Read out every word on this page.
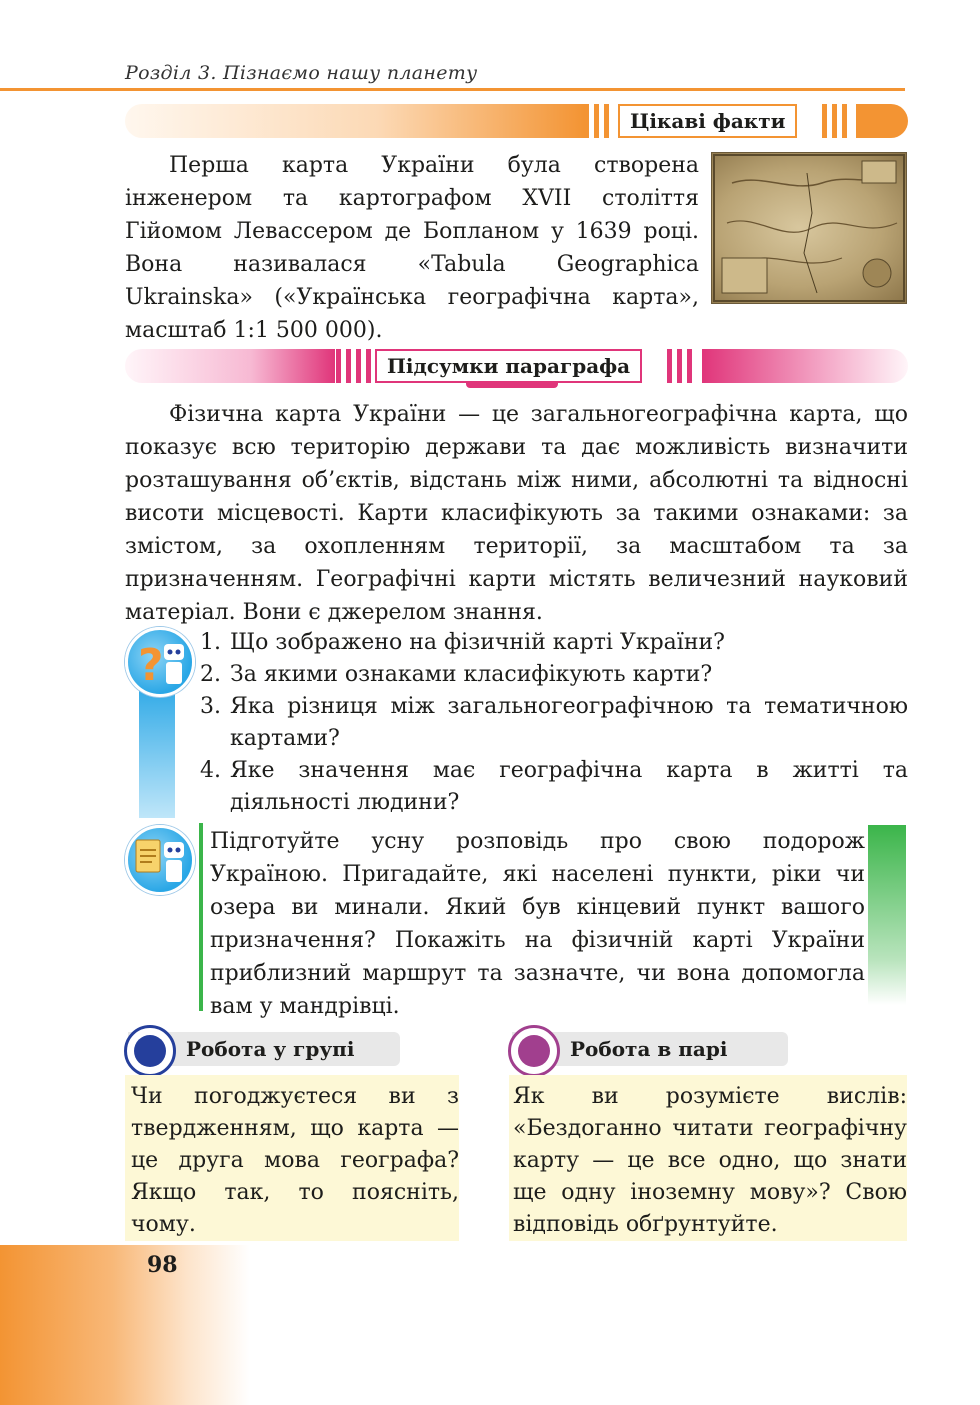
Розділ 3. Пізнаємо нашу планету
Цікаві факти

Перша карта України була створена інженером та картографом XVII століття Гійомом Левассером де Бопланом у 1639 році. Вона називалася «Tabula Geographica Ukrainska» («Українська географічна карта», масштаб 1:1 500 000).

Підсумки параграфа

Фізична карта України — це загальногеографічна карта, що показує всю територію держави та дає можливість визначити розташування об’єктів, відстань між ними, абсолютні та відносні висоти місцевості. Карти класифікують за такими ознаками: за змістом, за охопленням території, за масштабом та за призначенням. Географічні карти містять величезний науковий матеріал. Вони є джерелом знання.

? 1. Що зображено на фізичній карті України?
2. За якими ознаками класифікують карти?
3. Яка різниця між загальногеографічною та тематичною картами?
4. Яке значення має географічна карта в житті та діяльності людини?

Підготуйте усну розповідь про свою подорож Україною. Пригадайте, які населені пункти, ріки чи озера ви минали. Який був кінцевий пункт вашого призначення? Покажіть на фізичній карті України приблизний маршрут та зазначте, чи вона допомогла вам у мандрівці.

Робота у групі
Чи погоджуєтеся ви з твердженням, що карта — це друга мова географа? Якщо так, то поясніть, чому.
Робота в парі
Як ви розумієте вислів: «Бездоганно читати географічну карту — це все одно, що знати ще одну іноземну мову»? Свою відповідь обґрунтуйте.
98
